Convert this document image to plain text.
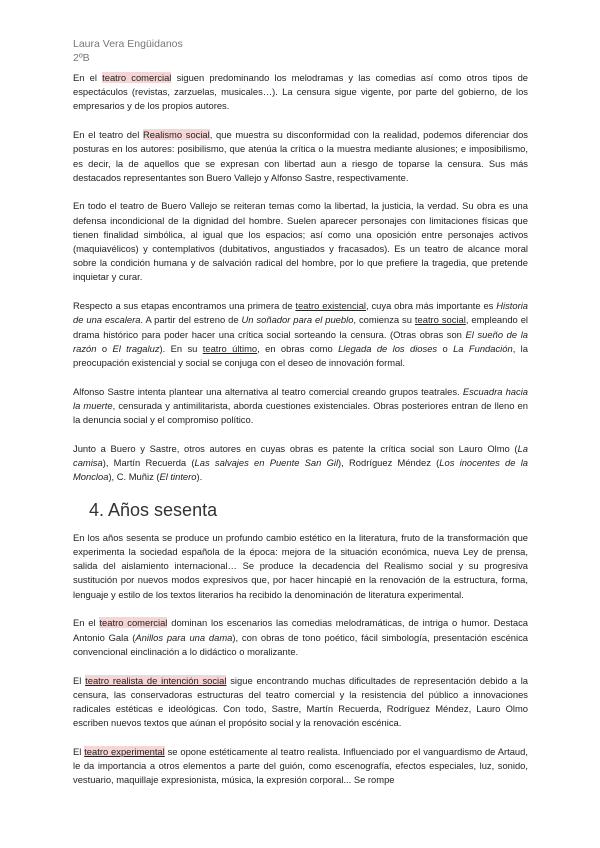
Laura Vera Engüidanos
2ºB

En el teatro comercial siguen predominando los melodramas y las comedias así como otros tipos de espectáculos (revistas, zarzuelas, musicales…). La censura sigue vigente, por parte del gobierno, de los empresarios y de los propios autores.

En el teatro del Realismo social, que muestra su disconformidad con la realidad, podemos diferenciar dos posturas en los autores: posibilismo, que atenúa la crítica o la muestra mediante alusiones; e imposibilismo, es decir, la de aquellos que se expresan con libertad aun a riesgo de toparse la censura. Sus más destacados representantes son Buero Vallejo y Alfonso Sastre, respectivamente.

En todo el teatro de Buero Vallejo se reiteran temas como la libertad, la justicia, la verdad. Su obra es una defensa incondicional de la dignidad del hombre. Suelen aparecer personajes con limitaciones físicas que tienen finalidad simbólica, al igual que los espacios; así como una oposición entre personajes activos (maquiavélicos) y contemplativos (dubitativos, angustiados y fracasados). Es un teatro de alcance moral sobre la condición humana y de salvación radical del hombre, por lo que prefiere la tragedia, que pretende inquietar y curar.

Respecto a sus etapas encontramos una primera de teatro existencial, cuya obra más importante es Historia de una escalera. A partir del estreno de Un soñador para el pueblo, comienza su teatro social, empleando el drama histórico para poder hacer una crítica social sorteando la censura. (Otras obras son El sueño de la razón o El tragaluz). En su teatro último, en obras como Llegada de los dioses o La Fundación, la preocupación existencial y social se conjuga con el deseo de innovación formal.

Alfonso Sastre intenta plantear una alternativa al teatro comercial creando grupos teatrales. Escuadra hacia la muerte, censurada y antimilitarista, aborda cuestiones existenciales. Obras posteriores entran de lleno en la denuncia social y el compromiso político.

Junto a Buero y Sastre, otros autores en cuyas obras es patente la crítica social son Lauro Olmo (La camisa), Martín Recuerda (Las salvajes en Puente San Gil), Rodríguez Méndez (Los inocentes de la Moncloa), C. Muñiz (El tintero).

4. Años sesenta

En los años sesenta se produce un profundo cambio estético en la literatura, fruto de la transformación que experimenta la sociedad española de la época: mejora de la situación económica, nueva Ley de prensa, salida del aislamiento internacional… Se produce la decadencia del Realismo social y su progresiva sustitución por nuevos modos expresivos que, por hacer hincapié en la renovación de la estructura, forma, lenguaje y estilo de los textos literarios ha recibido la denominación de literatura experimental.

En el teatro comercial dominan los escenarios las comedias melodramáticas, de intriga o humor. Destaca Antonio Gala (Anillos para una dama), con obras de tono poético, fácil simbología, presentación escénica convencional einclinación a lo didáctico o moralizante.

El teatro realista de intención social sigue encontrando muchas dificultades de representación debido a la censura, las conservadoras estructuras del teatro comercial y la resistencia del público a innovaciones radicales estéticas e ideológicas. Con todo, Sastre, Martín Recuerda, Rodríguez Méndez, Lauro Olmo escriben nuevos textos que aúnan el propósito social y la renovación escénica.

El teatro experimental se opone estéticamente al teatro realista. Influenciado por el vanguardismo de Artaud, le da importancia a otros elementos a parte del guión, como escenografía, efectos especiales, luz, sonido, vestuario, maquillaje expresionista, música, la expresión corporal... Se rompe
